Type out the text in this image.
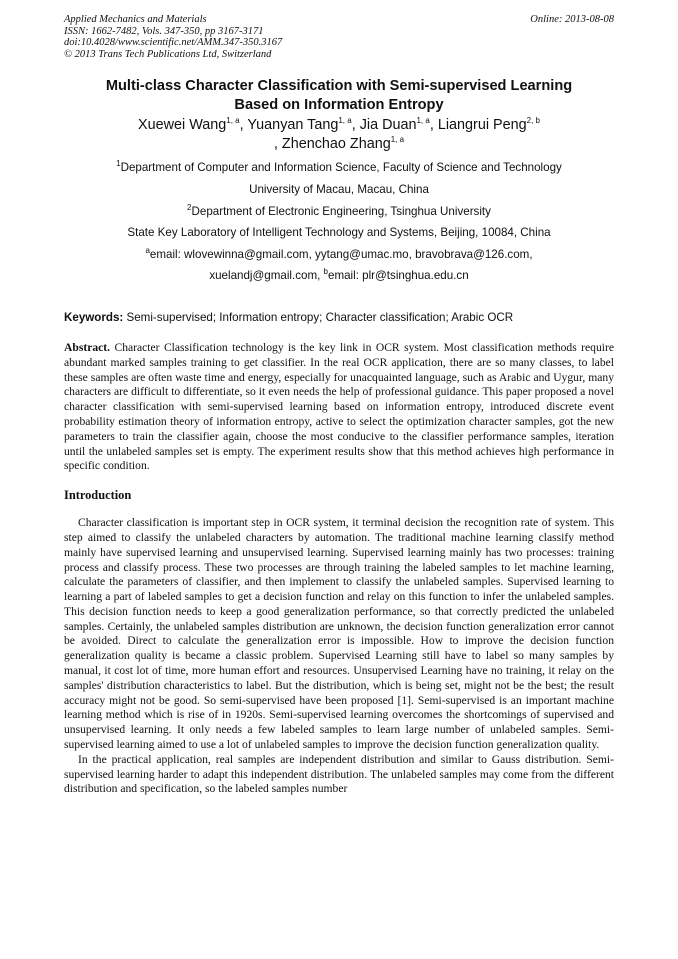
Applied Mechanics and Materials
ISSN: 1662-7482, Vols. 347-350, pp 3167-3171
doi:10.4028/www.scientific.net/AMM.347-350.3167
© 2013 Trans Tech Publications Ltd, Switzerland
Online: 2013-08-08
Multi-class Character Classification with Semi-supervised Learning
Based on Information Entropy
Xuewei Wang$^{1, a}$, Yuanyan Tang$^{1, a}$, Jia Duan$^{1, a}$, Liangrui Peng$^{2, b}$
, Zhenchao Zhang$^{1, a}$
$^1$Department of Computer and Information Science, Faculty of Science and Technology
University of Macau, Macau, China
$^2$Department of Electronic Engineering, Tsinghua University
State Key Laboratory of Intelligent Technology and Systems, Beijing, 10084, China
$^a$email: wlovewinna@gmail.com, yytang@umac.mo, bravobrava@126.com,
xuelandj@gmail.com, $^b$email: plr@tsinghua.edu.cn
Keywords: Semi-supervised; Information entropy; Character classification; Arabic OCR
Abstract. Character Classification technology is the key link in OCR system. Most classification methods require abundant marked samples training to get classifier. In the real OCR application, there are so many classes, to label these samples are often waste time and energy, especially for unacquainted language, such as Arabic and Uygur, many characters are difficult to differentiate, so it even needs the help of professional guidance. This paper proposed a novel character classification with semi-supervised learning based on information entropy, introduced discrete event probability estimation theory of information entropy, active to select the optimization character samples, got the new parameters to train the classifier again, choose the most conducive to the classifier performance samples, iteration until the unlabeled samples set is empty. The experiment results show that this method achieves high performance in specific condition.
Introduction

Character classification is important step in OCR system, it terminal decision the recognition rate of system. This step aimed to classify the unlabeled characters by automation. The traditional machine learning classify method mainly have supervised learning and unsupervised learning. Supervised learning mainly has two processes: training process and classify process. These two processes are through training the labeled samples to let machine learning, calculate the parameters of classifier, and then implement to classify the unlabeled samples. Supervised learning to learning a part of labeled samples to get a decision function and relay on this function to infer the unlabeled samples. This decision function needs to keep a good generalization performance, so that correctly predicted the unlabeled samples. Certainly, the unlabeled samples distribution are unknown, the decision function generalization error cannot be avoided. Direct to calculate the generalization error is impossible. How to improve the decision function generalization quality is became a classic problem. Supervised Learning still have to label so many samples by manual, it cost lot of time, more human effort and resources. Unsupervised Learning have no training, it relay on the samples' distribution characteristics to label. But the distribution, which is being set, might not be the best; the result accuracy might not be good. So semi-supervised have been proposed [1]. Semi-supervised is an important machine learning method which is rise of in 1920s. Semi-supervised learning overcomes the shortcomings of supervised and unsupervised learning. It only needs a few labeled samples to learn large number of unlabeled samples. Semi-supervised learning aimed to use a lot of unlabeled samples to improve the decision function generalization quality.

In the practical application, real samples are independent distribution and similar to Gauss distribution. Semi-supervised learning harder to adapt this independent distribution. The unlabeled samples may come from the different distribution and specification, so the labeled samples number
